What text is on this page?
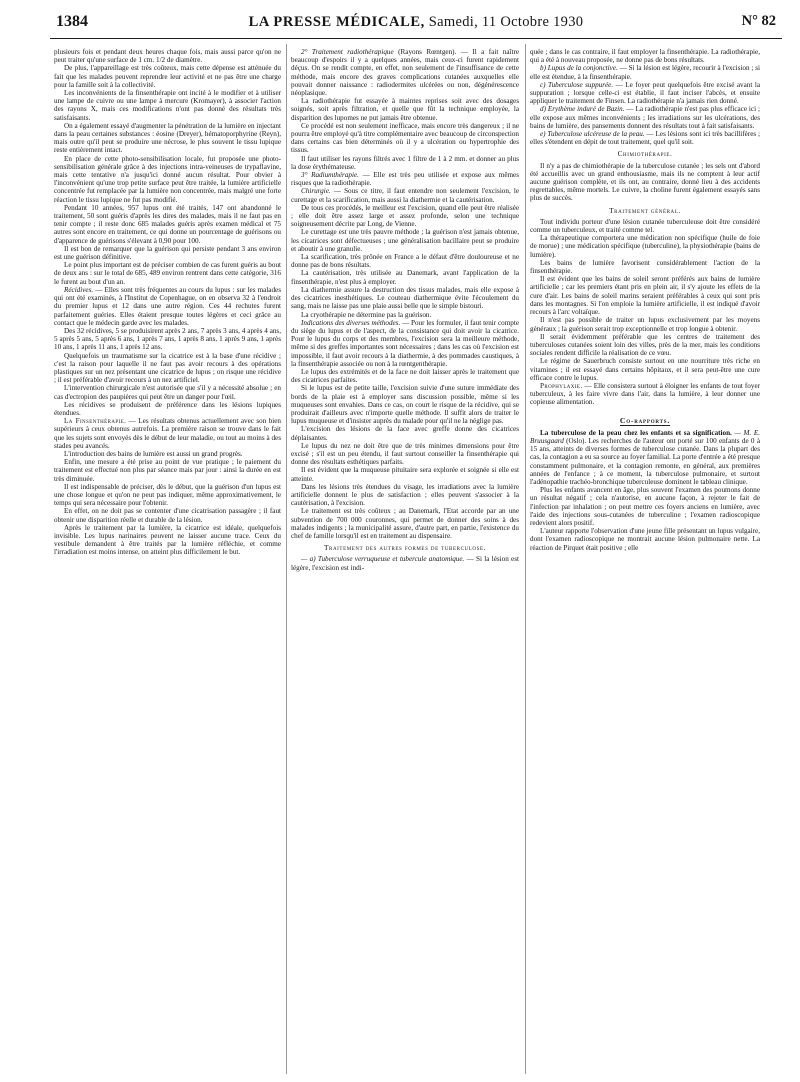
1384	LA PRESSE MÉDICALE, Samedi, 11 Octobre 1930	N° 82

plusieurs fois et pendant deux heures chaque fois, mais aussi parce qu'on ne peut traiter qu'une surface de 1 cm. 1/2 de diamètre.

De plus, l'appareillage est très coûteux, mais cette dépense est atténuée du fait que les malades peuvent reprendre leur activité et ne pas être une charge pour la famille soit à la collectivité.

Les inconvénients de la finsenthérapie ont incité à le modifier et à utiliser une lampe de cuivre ou une lampe à mercure (Kromayer), à associer l'action des rayons X, mais ces modifications n'ont pas donné des résultats très satisfaisants.

On a également essayé d'augmenter la pénétration de la lumière en injectant dans la peau certaines substances : éosine (Dreyer), hématoporphyrine (Reyn), mais outre qu'il peut se produire une nécrose, le plus souvent le tissu lupique reste entièrement intact.

En place de cette photo-sensibilisation locale, fut proposée une photo-sensibilisation générale grâce à des injections intra-veineuses de trypaflavine, mais cette tentative n'a jusqu'ici donné aucun résultat. Pour obvier à l'inconvénient qu'une trop petite surface peut être traitée, la lumière artificielle concentrée fut remplacée par la lumière non concentrée, mais malgré une forte réaction le tissu lupique ne fut pas modifié.

Pendant 10 années, 957 lupus ont été traités, 147 ont abandonné le traitement, 50 sont guéris d'après les dires des malades, mais il ne faut pas en tenir compte ; il reste donc 685 malades guéris après examen médical et 75 autres sont encore en traitement, ce qui donne un pourcentage de guérisons ou d'apparence de guérisons s'élevant à 0,90 pour 100.

Il est bon de remarquer que la guérison qui persiste pendant 3 ans environ est une guérison définitive.

Le point plus important est de préciser combien de cas furent guéris au bout de deux ans : sur le total de 685, 489 environ rentrent dans cette catégorie, 316 le furent au bout d'un an.

Récidives. — Elles sont très fréquentes au cours du lupus : sur les malades qui ont été examinés, à l'Institut de Copenhague, on en observa 32 à l'endroit du premier lupus et 12 dans une autre région. Ces 44 rechutes furent parfaitement guéries. Elles étaient presque toutes légères et ceci grâce au contact que le médecin garde avec les malades.

Des 32 récidives, 5 se produisirent après 2 ans, 7 après 3 ans, 4 après 4 ans, 5 après 5 ans, 5 après 6 ans, 1 après 7 ans, 1 après 8 ans, 1 après 9 ans, 1 après 10 ans, 1 après 11 ans, 1 après 12 ans.

Quelquefois un traumatisme sur la cicatrice est à la base d'une récidive ; c'est la raison pour laquelle il ne faut pas avoir recours à des opérations plastiques sur un nez présentant une cicatrice de lupus ; on risque une récidive ; il est préférable d'avoir recours à un nez artificiel.

L'intervention chirurgicale n'est autorisée que s'il y a nécessité absolue ; en cas d'ectropion des paupières qui peut être un danger pour l'œil.

Les récidives se produisent de préférence dans les lésions lupiques étendues.

La Finsenthérapie. — Les résultats obtenus actuellement avec son bien supérieurs à ceux obtenus autrefois. La première raison se trouve dans le fait que les sujets sont envoyés dès le début de leur maladie, ou tout au moins à des stades peu avancés.

L'introduction des bains de lumière est aussi un grand progrès.

Enfin, une mesure a été prise au point de vue pratique ; le paiement du traitement est effectué non plus par séance mais par jour : ainsi la durée en est très diminuée.

Il est indispensable de préciser, dès le début, que la guérison d'un lupus est une chose longue et qu'on ne peut pas indiquer, même approximativement, le temps qui sera nécessaire pour l'obtenir.

En effet, on ne doit pas se contenter d'une cicatrisation passagère ; il faut obtenir une disparition réelle et durable de la lésion.

Après le traitement par la lumière, la cicatrice est idéale, quelquefois invisible. Les lupus narinaires peuvent ne laisser aucune trace. Ceux du vestibule demandent à être traités par la lumière réfléchie, et comme l'irradiation est moins intense, on atteint plus difficilement le but.

2° Traitement radiothérapique (Rayons Rœntgen). — Il a fait naître beaucoup d'espoirs il y a quelques années, mais ceux-ci furent rapidement déçus. On se rendit compte, en effet, non seulement de l'insuffisance de cette méthode, mais encore des graves complications cutanées auxquelles elle pouvait donner naissance : radiodermites ulcérées ou non, dégénérescence néoplasique.

La radiothérapie fut essayée à maintes reprises soit avec des dosages soignés, soit après filtration, et quelle que fût la technique employée, la disparition des lupomes ne put jamais être obtenue.

Ce procédé est non seulement inefficace, mais encore très dangereux ; il ne pourra être employé qu'à titre complémentaire avec beaucoup de circonspection dans certains cas bien déterminés où il y a ulcération ou hypertrophie des tissus.

Il faut utiliser les rayons filtrés avec 1 filtre de 1 à 2 mm. et donner au plus la dose érythémateuse.

3° Radiumthérapie. — Elle est très peu utilisée et expose aux mêmes risques que la radiothérapie.

Chirurgie. — Sous ce titre, il faut entendre non seulement l'excision, le curettage et la scarification, mais aussi la diathermie et la cautérisation.

De tous ces procédés, le meilleur est l'excision, quand elle peut être réalisée ; elle doit être assez large et assez profonde, selon une technique soigneusement décrite par Long, de Vienne.

Le curettage est une très pauvre méthode ; la guérison n'est jamais obtenue, les cicatrices sont défectueuses ; une généralisation bacillaire peut se produire et aboutir à une granulie.

La scarification, très prônée en France a le défaut d'être douloureuse et ne donne pas de bons résultats.

La cautérisation, très utilisée au Danemark, avant l'application de la finsenthérapie, n'est plus à employer.

La diathermie assure la destruction des tissus malades, mais elle expose à des cicatrices inesthétiques. Le couteau diathermique évite l'écoulement du sang, mais ne laisse pas une plaie aussi belle que le simple bistouri.

La cryothérapie ne détermine pas la guérison.

Indications des diverses méthodes. — Pour les formuler, il faut tenir compte du siège du lupus et de l'aspect, de la consistance qui doit avoir la cicatrice. Pour le lupus du corps et des membres, l'excision sera la meilleure méthode, même si des greffes importantes sont nécessaires ; dans les cas où l'excision est impossible, il faut avoir recours à la diathermie, à des pommades caustiques, à la finsenthérapie associée ou non à la rœntgenthérapie.

Le lupus des extrémités et de la face ne doit laisser après le traitement que des cicatrices parfaites.

Si le lupus est de petite taille, l'excision suivie d'une suture immédiate des bords de la plaie est à employer sans discussion possible, même si les muqueuses sont envahies. Dans ce cas, on court le risque de la récidive, qui se produirait d'ailleurs avec n'importe quelle méthode. Il suffit alors de traiter le lupus muqueuse et d'insister auprès du malade pour qu'il ne la néglige pas.

L'excision des lésions de la face avec greffe donne des cicatrices déplaisantes.

Le lupus du nez ne doit être que de très minimes dimensions pour être excisé ; s'il est un peu étendu, il faut surtout conseiller la finsenthérapie qui donne des résultats esthétiques parfaits.

Il est évident que la muqueuse pituitaire sera explorée et soignée si elle est atteinte.

Dans les lésions très étendues du visage, les irradiations avec la lumière artificielle donnent le plus de satisfaction ; elles peuvent s'associer à la cautérisation, à l'excision.

Le traitement est très coûteux ; au Danemark, l'Etat accorde par an une subvention de 700 000 couronnes, qui permet de donner des soins à des malades indigents ; la municipalité assure, d'autre part, en partie, l'existence du chef de famille lorsqu'il est en traitement au dispensaire.

Traitement des autres formes de tuberculose.

— a) Tuberculose verruqueuse et tubercule anatomique. — Si la lésion est légère, l'excision est indi-

quée ; dans le cas contraire, il faut employer la finsenthérapie. La radiothérapie, qui a été à nouveau proposée, ne donne pas de bons résultats.

b) Lupus de la conjonctive. — Si la lésion est légère, recourir à l'excision ; si elle est étendue, à la finsenthérapie.

c) Tuberculose suppurée. — Le foyer peut quelquefois être excisé avant la suppuration ; lorsque celle-ci est établie, il faut inciser l'abcès, et ensuite appliquer le traitement de Finsen. La radiothérapie n'a jamais rien donné.

d) Erythème induré de Bazin. — La radiothérapie n'est pas plus efficace ici ; elle expose aux mêmes inconvénients ; les irradiations sur les ulcérations, des bains de lumière, des pansements donnent des résultats tout à fait satisfaisants.

e) Tuberculose ulcéreuse de la peau. — Les lésions sont ici très bacillifères ; elles s'étendent en dépit de tout traitement, quel qu'il soit.

Chimiothérapie.

Il n'y a pas de chimiothérapie de la tuberculose cutanée ; les sels ont d'abord été accueillis avec un grand enthousiasme, mais ils ne comptent à leur actif aucune guérison complète, et ils ont, au contraire, donné lieu à des accidents regrettables, même mortels. Le cuivre, la choline furent également essayés sans plus de succès.

Traitement général.

Tout individu porteur d'une lésion cutanée tuberculeuse doit être considéré comme un tuberculeux, et traité comme tel.

La thérapeutique comportera une médication non spécifique (huile de foie de morue) ; une médication spécifique (tuberculine), la physiothérapie (bains de lumière).

Les bains de lumière favorisent considérablement l'action de la finsenthérapie.

Il est évident que les bains de soleil seront préférés aux bains de lumière artificielle ; car les premiers étant pris en plein air, il s'y ajoute les effets de la cure d'air. Les bains de soleil marins seraient préférables à ceux qui sont pris dans les montagnes. Si l'on emploie la lumière artificielle, il est indiqué d'avoir recours à l'arc voltaïque.

Il n'est pas possible de traiter un lupus exclusivement par les moyens généraux ; la guérison serait trop exceptionnelle et trop longue à obtenir.

Il serait évidemment préférable que les centres de traitement des tuberculoses cutanées soient loin des villes, près de la mer, mais les conditions sociales rendent difficile la réalisation de ce vœu.

Le régime de Sauerbruch consiste surtout en une nourriture très riche en vitamines ; il est essayé dans certains hôpitaux, et il sera peut-être une cure efficace contre le lupus.

Prophylaxie. — Elle consistera surtout à éloigner les enfants de tout foyer tuberculeux, à les faire vivre dans l'air, dans la lumière, à leur donner une copieuse alimentation.

Co-rapports.

La tuberculose de la peau chez les enfants et sa signification. — M. E. Bruusgaard (Oslo). Les recherches de l'auteur ont porté sur 100 enfants de 0 à 15 ans, atteints de diverses formes de tuberculose cutanée. Dans la plupart des cas, la contagion a eu sa source au foyer familial. La porte d'entrée a été presque constamment pulmonaire, et la contagion remonte, en général, aux premières années de l'enfance ; à ce moment, la tuberculose pulmonaire, et surtout l'adénopathie trachéo-bronchique tuberculeuse dominent le tableau clinique.

Plus les enfants avancent en âge, plus souvent l'examen des poumons donne un résultat négatif ; cela n'autorise, en aucune façon, à rejeter le fait de l'infection par inhalation ; on peut mettre ces foyers anciens en lumière, avec l'aide des injections sous-cutanées de tuberculine ; l'examen radioscopique redevient alors positif.

L'auteur rapporte l'observation d'une jeune fille présentant un lupus vulgaire, dont l'examen radioscopique ne montrait aucune lésion pulmonaire nette. La réaction de Pirquet était positive ; elle
